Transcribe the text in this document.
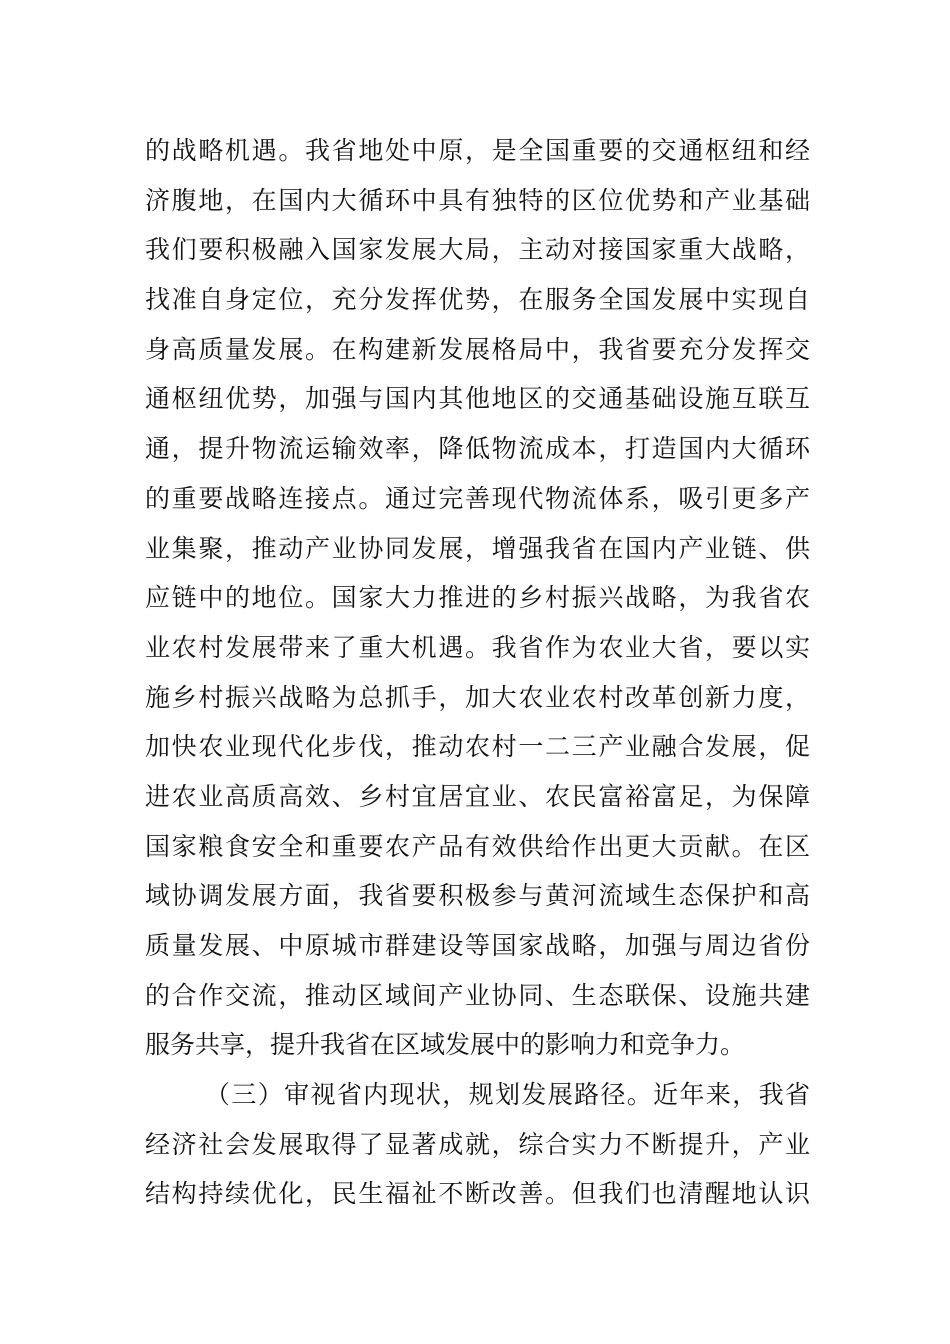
的战略机遇。我省地处中原，是全国重要的交通枢纽和经
济腹地，在国内大循环中具有独特的区位优势和产业基础
我们要积极融入国家发展大局，主动对接国家重大战略，
找准自身定位，充分发挥优势，在服务全国发展中实现自
身高质量发展。在构建新发展格局中，我省要充分发挥交
通枢纽优势，加强与国内其他地区的交通基础设施互联互
通，提升物流运输效率，降低物流成本，打造国内大循环
的重要战略连接点。通过完善现代物流体系，吸引更多产
业集聚，推动产业协同发展，增强我省在国内产业链、供
应链中的地位。国家大力推进的乡村振兴战略，为我省农
业农村发展带来了重大机遇。我省作为农业大省，要以实
施乡村振兴战略为总抓手，加大农业农村改革创新力度，
加快农业现代化步伐，推动农村一二三产业融合发展，促
进农业高质高效、乡村宜居宜业、农民富裕富足，为保障
国家粮食安全和重要农产品有效供给作出更大贡献。在区
域协调发展方面，我省要积极参与黄河流域生态保护和高
质量发展、中原城市群建设等国家战略，加强与周边省份
的合作交流，推动区域间产业协同、生态联保、设施共建
服务共享，提升我省在区域发展中的影响力和竞争力。
（三）审视省内现状，规划发展路径。近年来，我省
经济社会发展取得了显著成就，综合实力不断提升，产业
结构持续优化，民生福祉不断改善。但我们也清醒地认识
